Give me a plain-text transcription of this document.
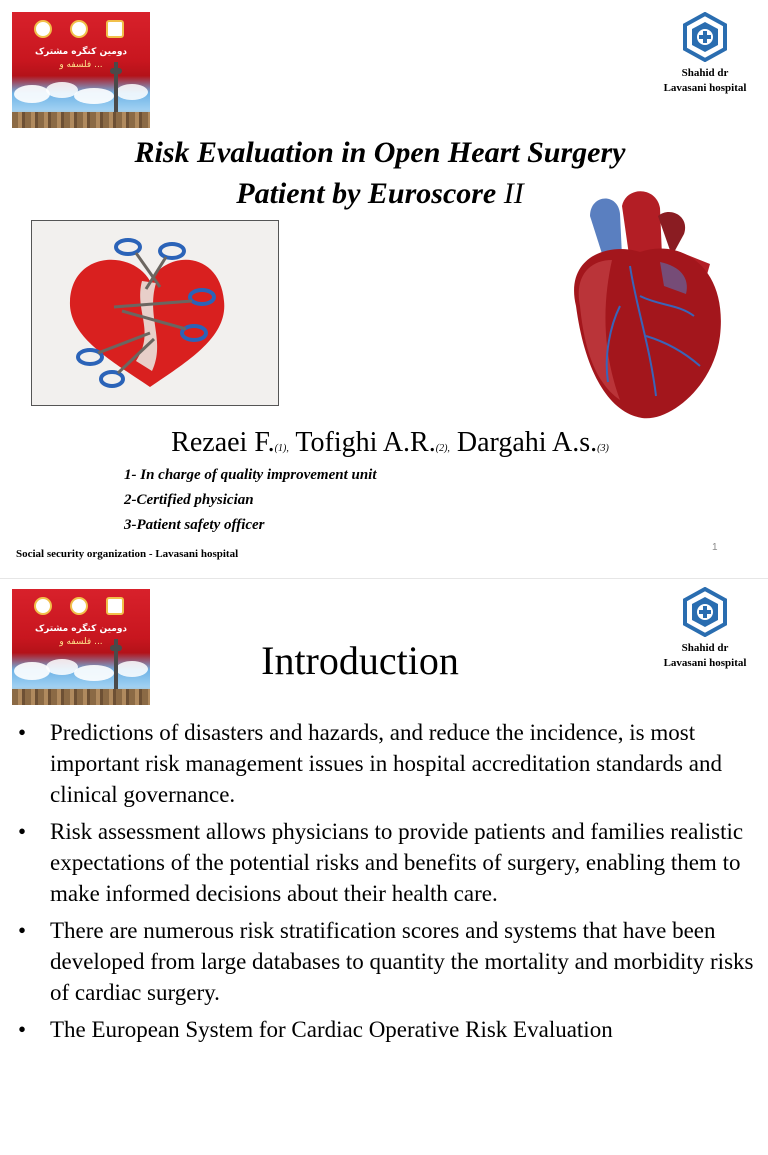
دومین کنگره مشترک
فلسفه و ...
Shahid dr
Lavasani hospital
Risk Evaluation in Open Heart Surgery
Patient by Euroscore II
Rezaei F.(1), Tofighi A.R.(2), Dargahi A.s.(3)
1- In charge of quality improvement unit
2-Certified physician
3-Patient safety officer
Social security organization - Lavasani hospital
1
دومین کنگره مشترک
فلسفه و ...	Shahid dr
Lavasani hospital
Introduction
•	Predictions of disasters and hazards, and reduce the incidence, is most important risk management issues in hospital accreditation standards and clinical governance.
•	Risk assessment allows physicians to provide patients and families realistic expectations of the potential risks and benefits of surgery, enabling them to make informed decisions about their health care.
•	There are numerous risk stratification scores and systems that have been developed from large databases to quantity the mortality and morbidity risks of cardiac surgery.
•	The European System for Cardiac Operative Risk Evaluation
